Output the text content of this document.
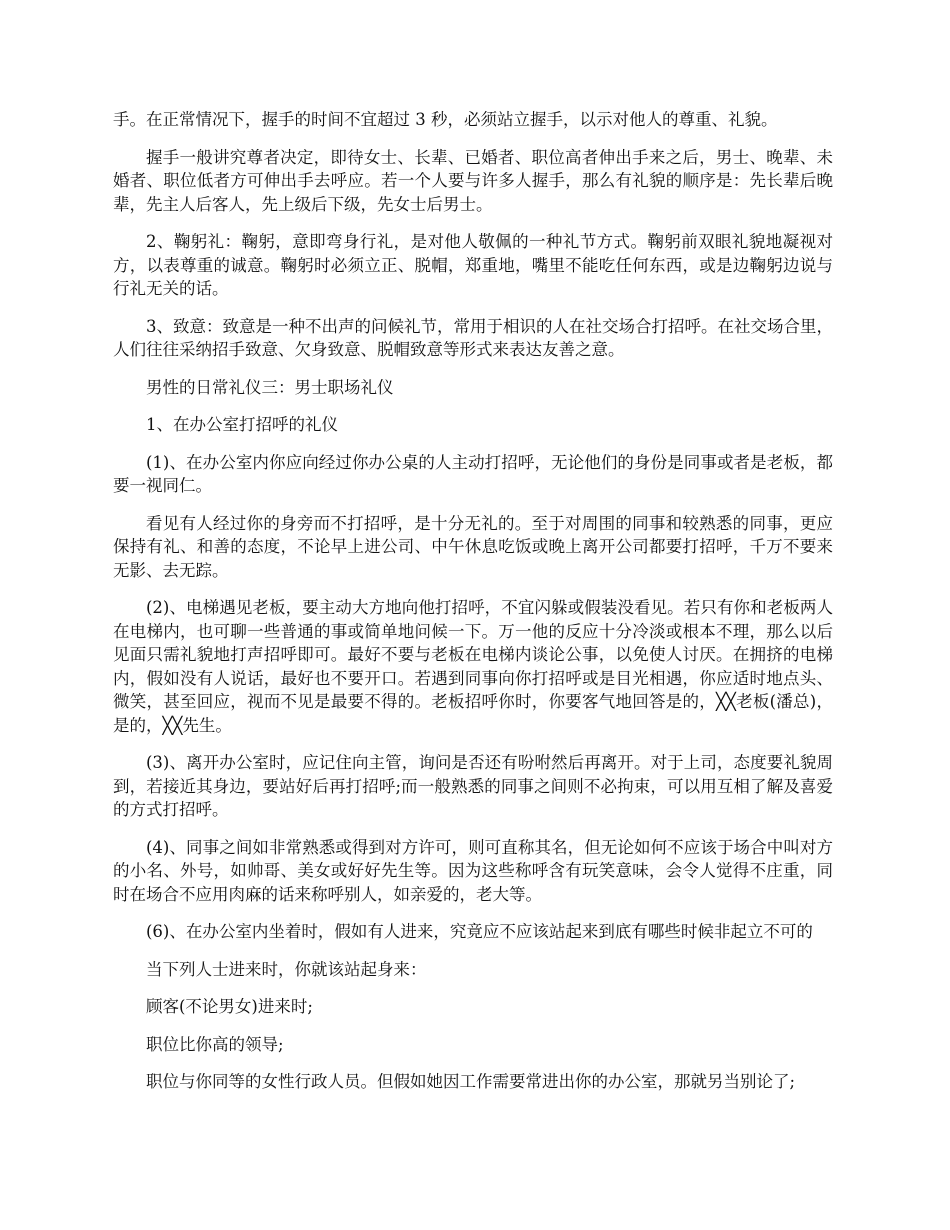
手。在正常情况下，握手的时间不宜超过 3 秒，必须站立握手，以示对他人的尊重、礼貌。

握手一般讲究尊者决定，即待女士、长辈、已婚者、职位高者伸出手来之后，男士、晚辈、未婚者、职位低者方可伸出手去呼应。若一个人要与许多人握手，那么有礼貌的顺序是：先长辈后晚辈，先主人后客人，先上级后下级，先女士后男士。

2、鞠躬礼：鞠躬，意即弯身行礼，是对他人敬佩的一种礼节方式。鞠躬前双眼礼貌地凝视对方，以表尊重的诚意。鞠躬时必须立正、脱帽，郑重地，嘴里不能吃任何东西，或是边鞠躬边说与行礼无关的话。

3、致意：致意是一种不出声的问候礼节，常用于相识的人在社交场合打招呼。在社交场合里，人们往往采纳招手致意、欠身致意、脱帽致意等形式来表达友善之意。

男性的日常礼仪三：男士职场礼仪

1、在办公室打招呼的礼仪

(1)、在办公室内你应向经过你办公桌的人主动打招呼，无论他们的身份是同事或者是老板，都要一视同仁。

看见有人经过你的身旁而不打招呼，是十分无礼的。至于对周围的同事和较熟悉的同事，更应保持有礼、和善的态度，不论早上进公司、中午休息吃饭或晚上离开公司都要打招呼，千万不要来无影、去无踪。

(2)、电梯遇见老板，要主动大方地向他打招呼，不宜闪躲或假装没看见。若只有你和老板两人在电梯内，也可聊一些普通的事或简单地问候一下。万一他的反应十分冷淡或根本不理，那么以后见面只需礼貌地打声招呼即可。最好不要与老板在电梯内谈论公事，以免使人讨厌。在拥挤的电梯内，假如没有人说话，最好也不要开口。若遇到同事向你打招呼或是目光相遇，你应适时地点头、微笑，甚至回应，视而不见是最要不得的。老板招呼你时，你要客气地回答是的，╳╳老板(潘总)，是的，╳╳先生。

(3)、离开办公室时，应记住向主管，询问是否还有吩咐然后再离开。对于上司，态度要礼貌周到，若接近其身边，要站好后再打招呼;而一般熟悉的同事之间则不必拘束，可以用互相了解及喜爱的方式打招呼。

(4)、同事之间如非常熟悉或得到对方许可，则可直称其名，但无论如何不应该于场合中叫对方的小名、外号，如帅哥、美女或好好先生等。因为这些称呼含有玩笑意味，会令人觉得不庄重，同时在场合不应用肉麻的话来称呼别人，如亲爱的，老大等。

(6)、在办公室内坐着时，假如有人进来，究竟应不应该站起来到底有哪些时候非起立不可的

当下列人士进来时，你就该站起身来：

顾客(不论男女)进来时;

职位比你高的领导;

职位与你同等的女性行政人员。但假如她因工作需要常进出你的办公室，那就另当别论了;
